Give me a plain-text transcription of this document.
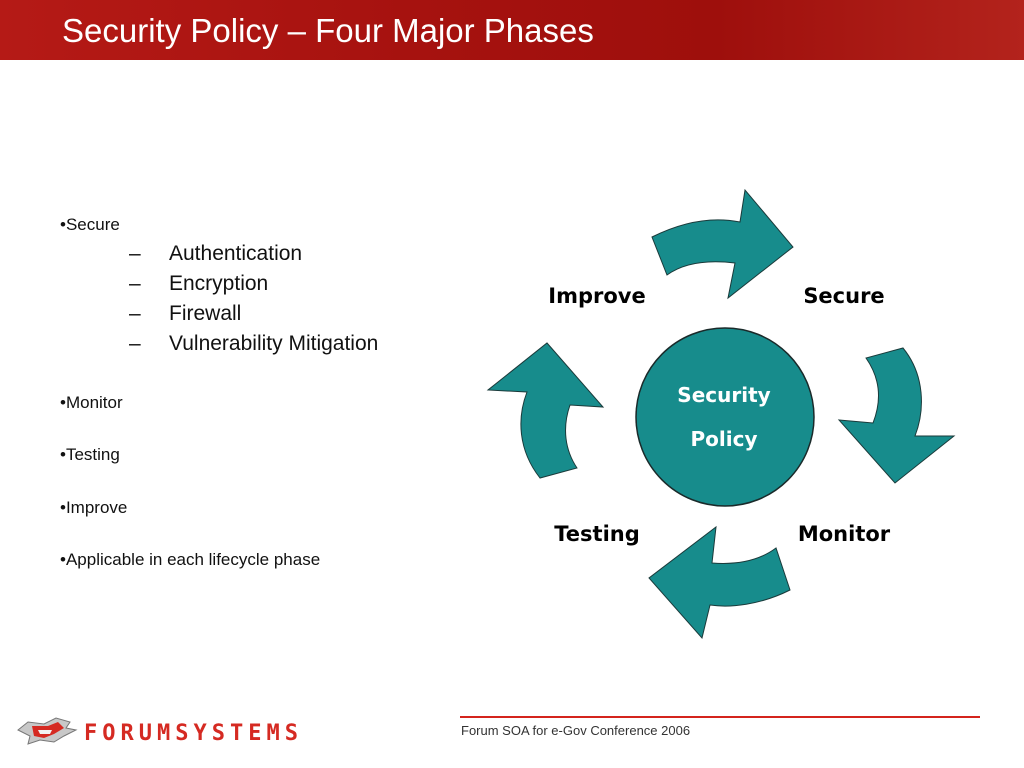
Security Policy – Four Major Phases
•Secure
– Authentication
– Encryption
– Firewall
– Vulnerability Mitigation
•Monitor
•Testing
•Improve
•Applicable in each lifecycle phase
Security
Policy
Improve	Secure
Testing	Monitor
FORUMSYSTEMS	Forum SOA for e-Gov Conference 2006
